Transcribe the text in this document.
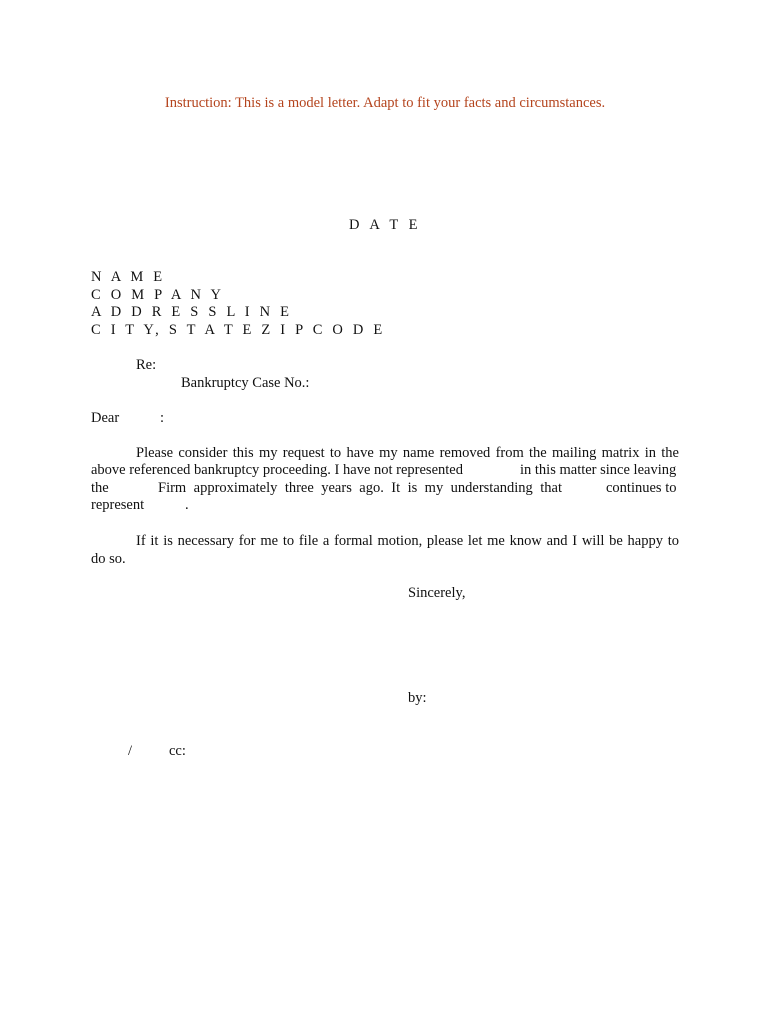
Instruction: This is a model letter. Adapt to fit your facts and circumstances.
D A T E
N A M E
C O M P A N Y
A D D R E S S L I N E
C I T Y, S T A T E Z I P C O D E
Re:
Bankruptcy Case No.:
Dear	:
Please consider this my request to have my name removed from the mailing matrix in the
above referenced bankruptcy proceeding. I have not represented	in this matter since leaving
the	Firm approximately three years ago. It is my understanding that	continues to
represent	.
If it is necessary for me to file a formal motion, please let me know and I will be happy to
do so.
Sincerely,
by:
/	cc:
